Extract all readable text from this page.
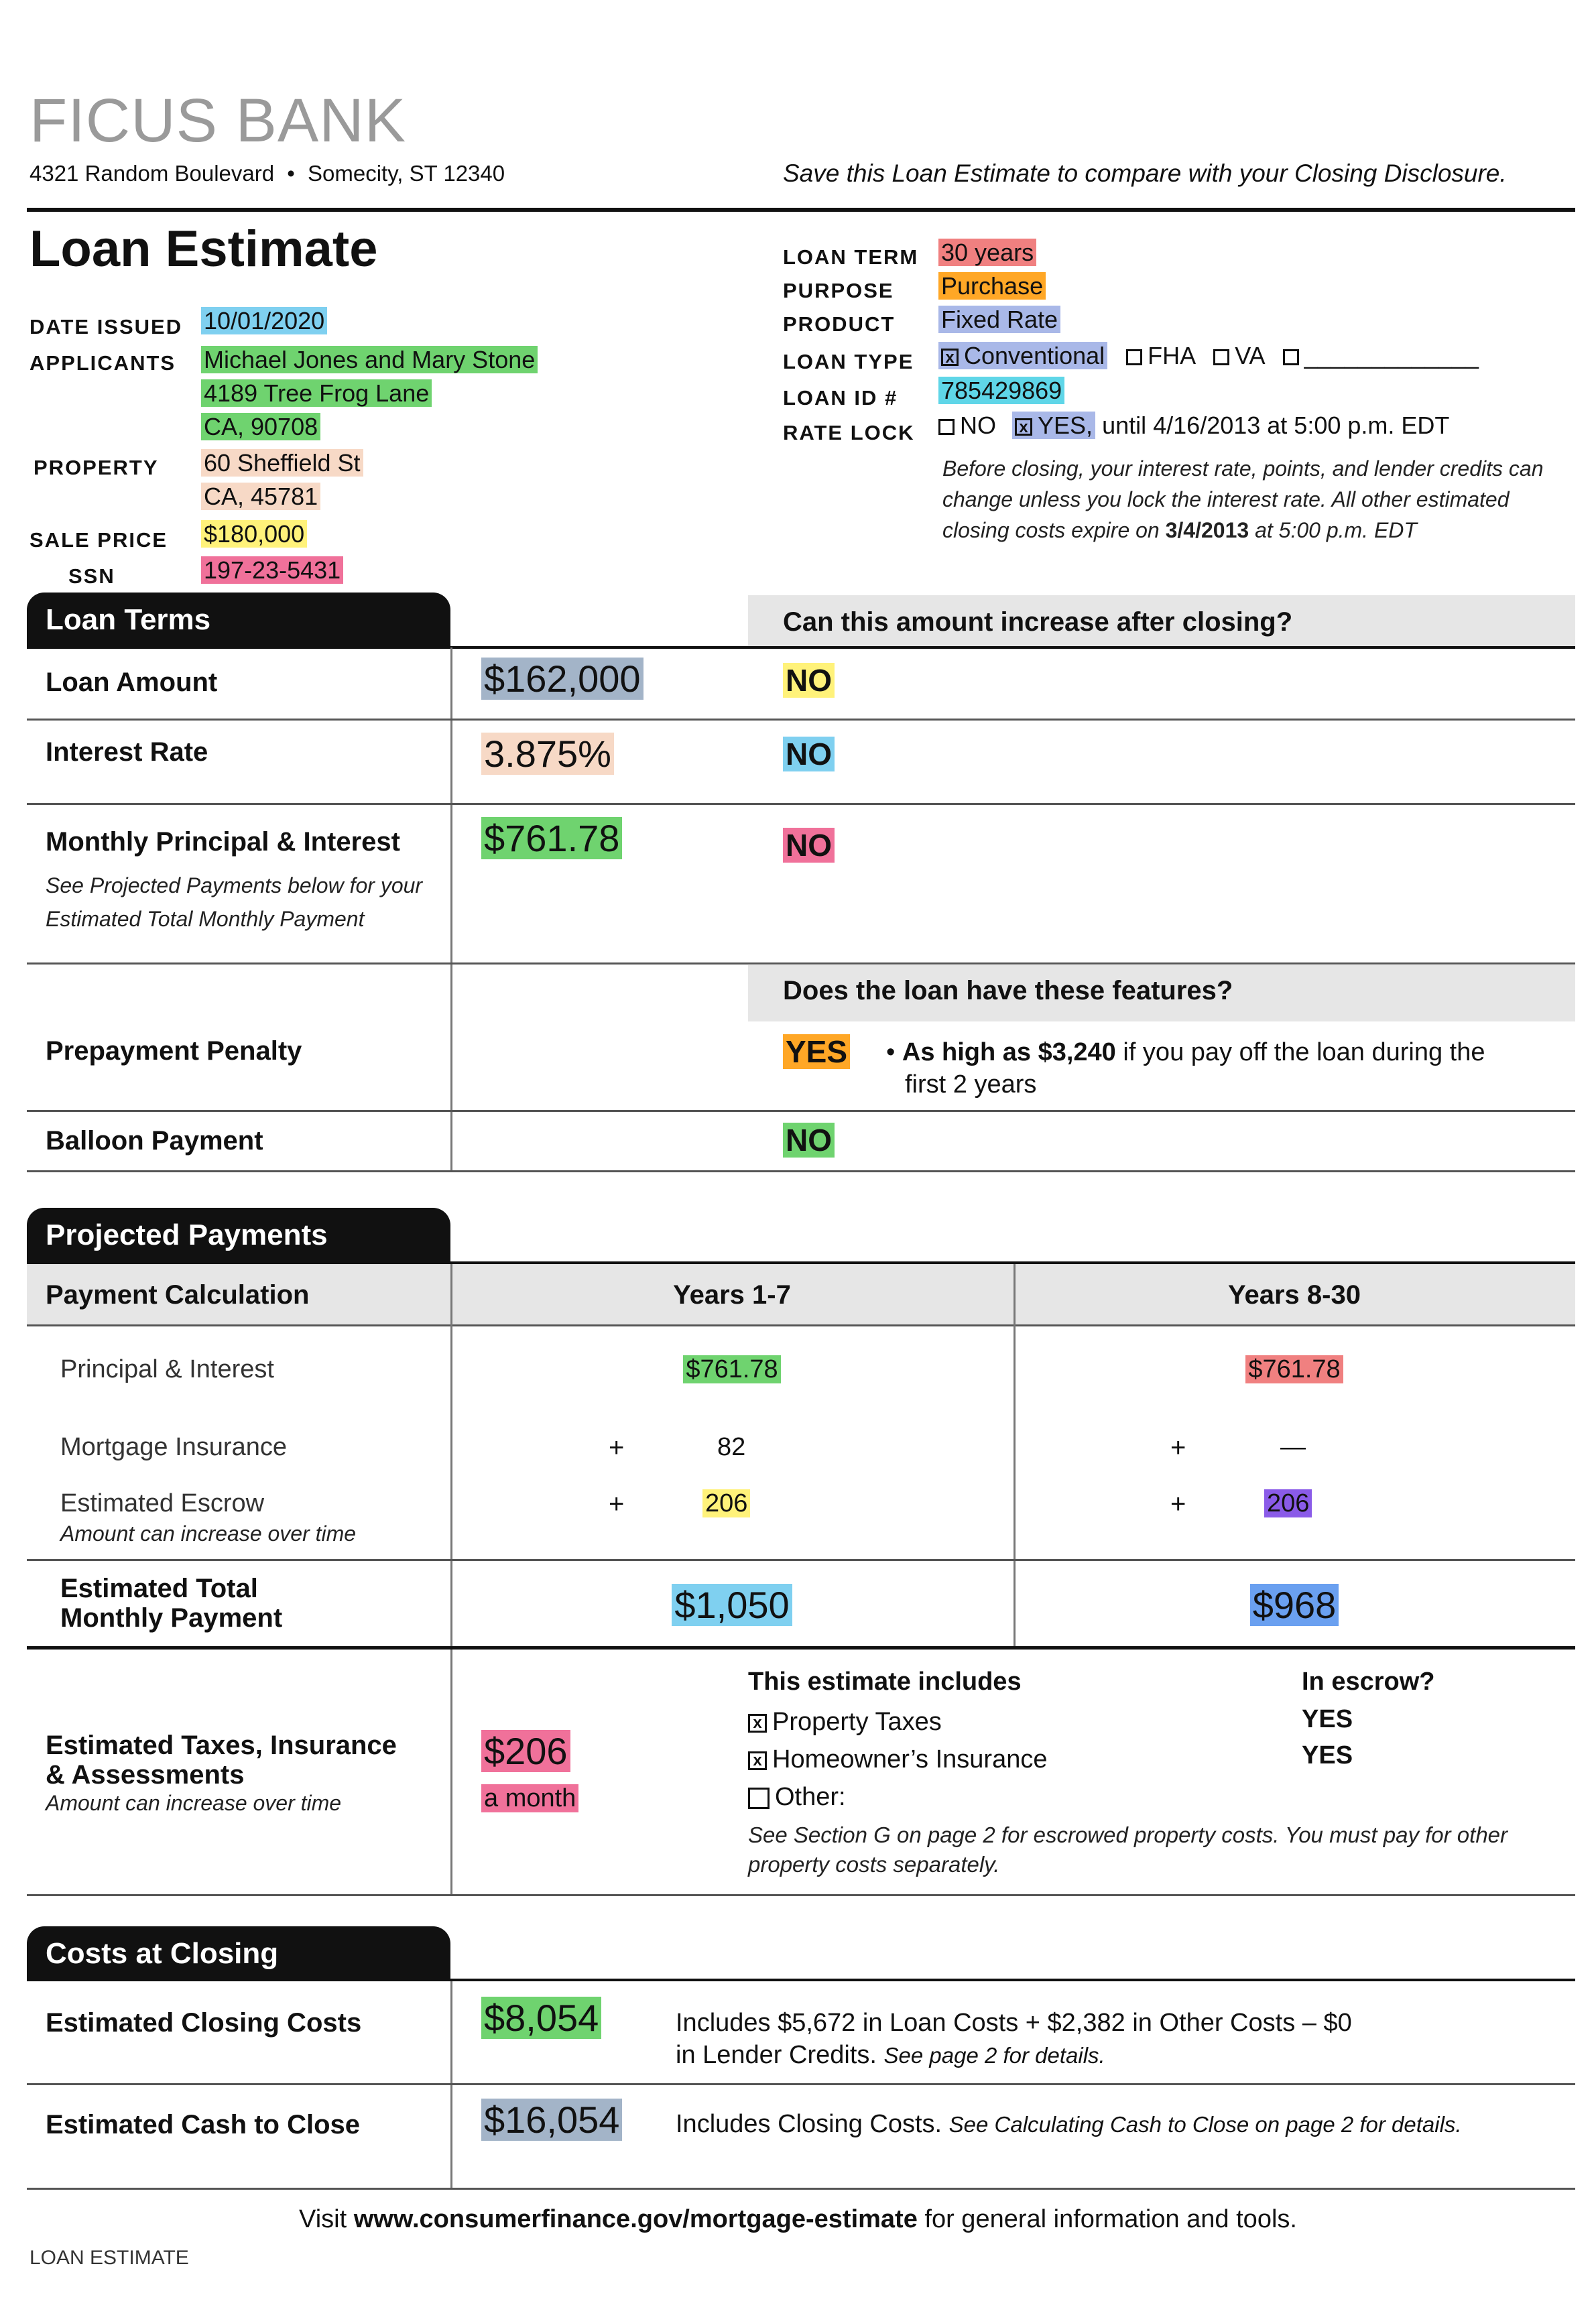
FICUS BANK
4321 Random Boulevard • Somecity, ST 12340	Save this Loan Estimate to compare with your Closing Disclosure.
Loan Estimate
DATE ISSUED 10/01/2020
APPLICANTS Michael Jones and Mary Stone
4189 Tree Frog Lane
CA, 90708
PROPERTY 60 Sheffield St
CA, 45781
SALE PRICE $180,000
SSN	197-23-5431
LOAN TERM 30 years
PURPOSE Purchase
PRODUCT Fixed Rate
LOAN TYPE	x Conventional FHA VA _____________
LOAN ID # 785429869
RATE LOCK	NO x YES, until 4/16/2013 at 5:00 p.m. EDT
Before closing, your interest rate, points, and lender credits can
change unless you lock the interest rate. All other estimated
closing costs expire on 3/4/2013 at 5:00 p.m. EDT
Loan Terms	Can this amount increase after closing?
Loan Amount	$162,000	NO
Interest Rate	3.875%	NO
Monthly Principal & Interest
See Projected Payments below for your
Estimated Total Monthly Payment
$761.78	NO
Does the loan have these features?
Prepayment Penalty	YES • As high as $3,240 if you pay off the loan during the
first 2 years
Balloon Payment	NO
Projected Payments
Payment Calculation	Years 1-7	Years 8-30
Principal & Interest	$761.78	$761.78
Mortgage Insurance	+	82	+	—
Estimated Escrow
Amount can increase over time
+	206	+	206
Estimated Total
Monthly Payment	$1,050	$968
Estimated Taxes, Insurance
& Assessments
Amount can increase over time
$206
a month
This estimate includes	In escrow?
x Property Taxes	YES
x Homeowner’s Insurance	YES
Other:
See Section G on page 2 for escrowed property costs. You must pay for other
property costs separately.
Costs at Closing
Estimated Closing Costs	$8,054	Includes $5,672 in Loan Costs + $2,382 in Other Costs – $0
in Lender Credits. See page 2 for details.
Estimated Cash to Close	$16,054 Includes Closing Costs. See Calculating Cash to Close on page 2 for details.
Visit www.consumerfinance.gov/mortgage-estimate for general information and tools.
LOAN ESTIMATE
